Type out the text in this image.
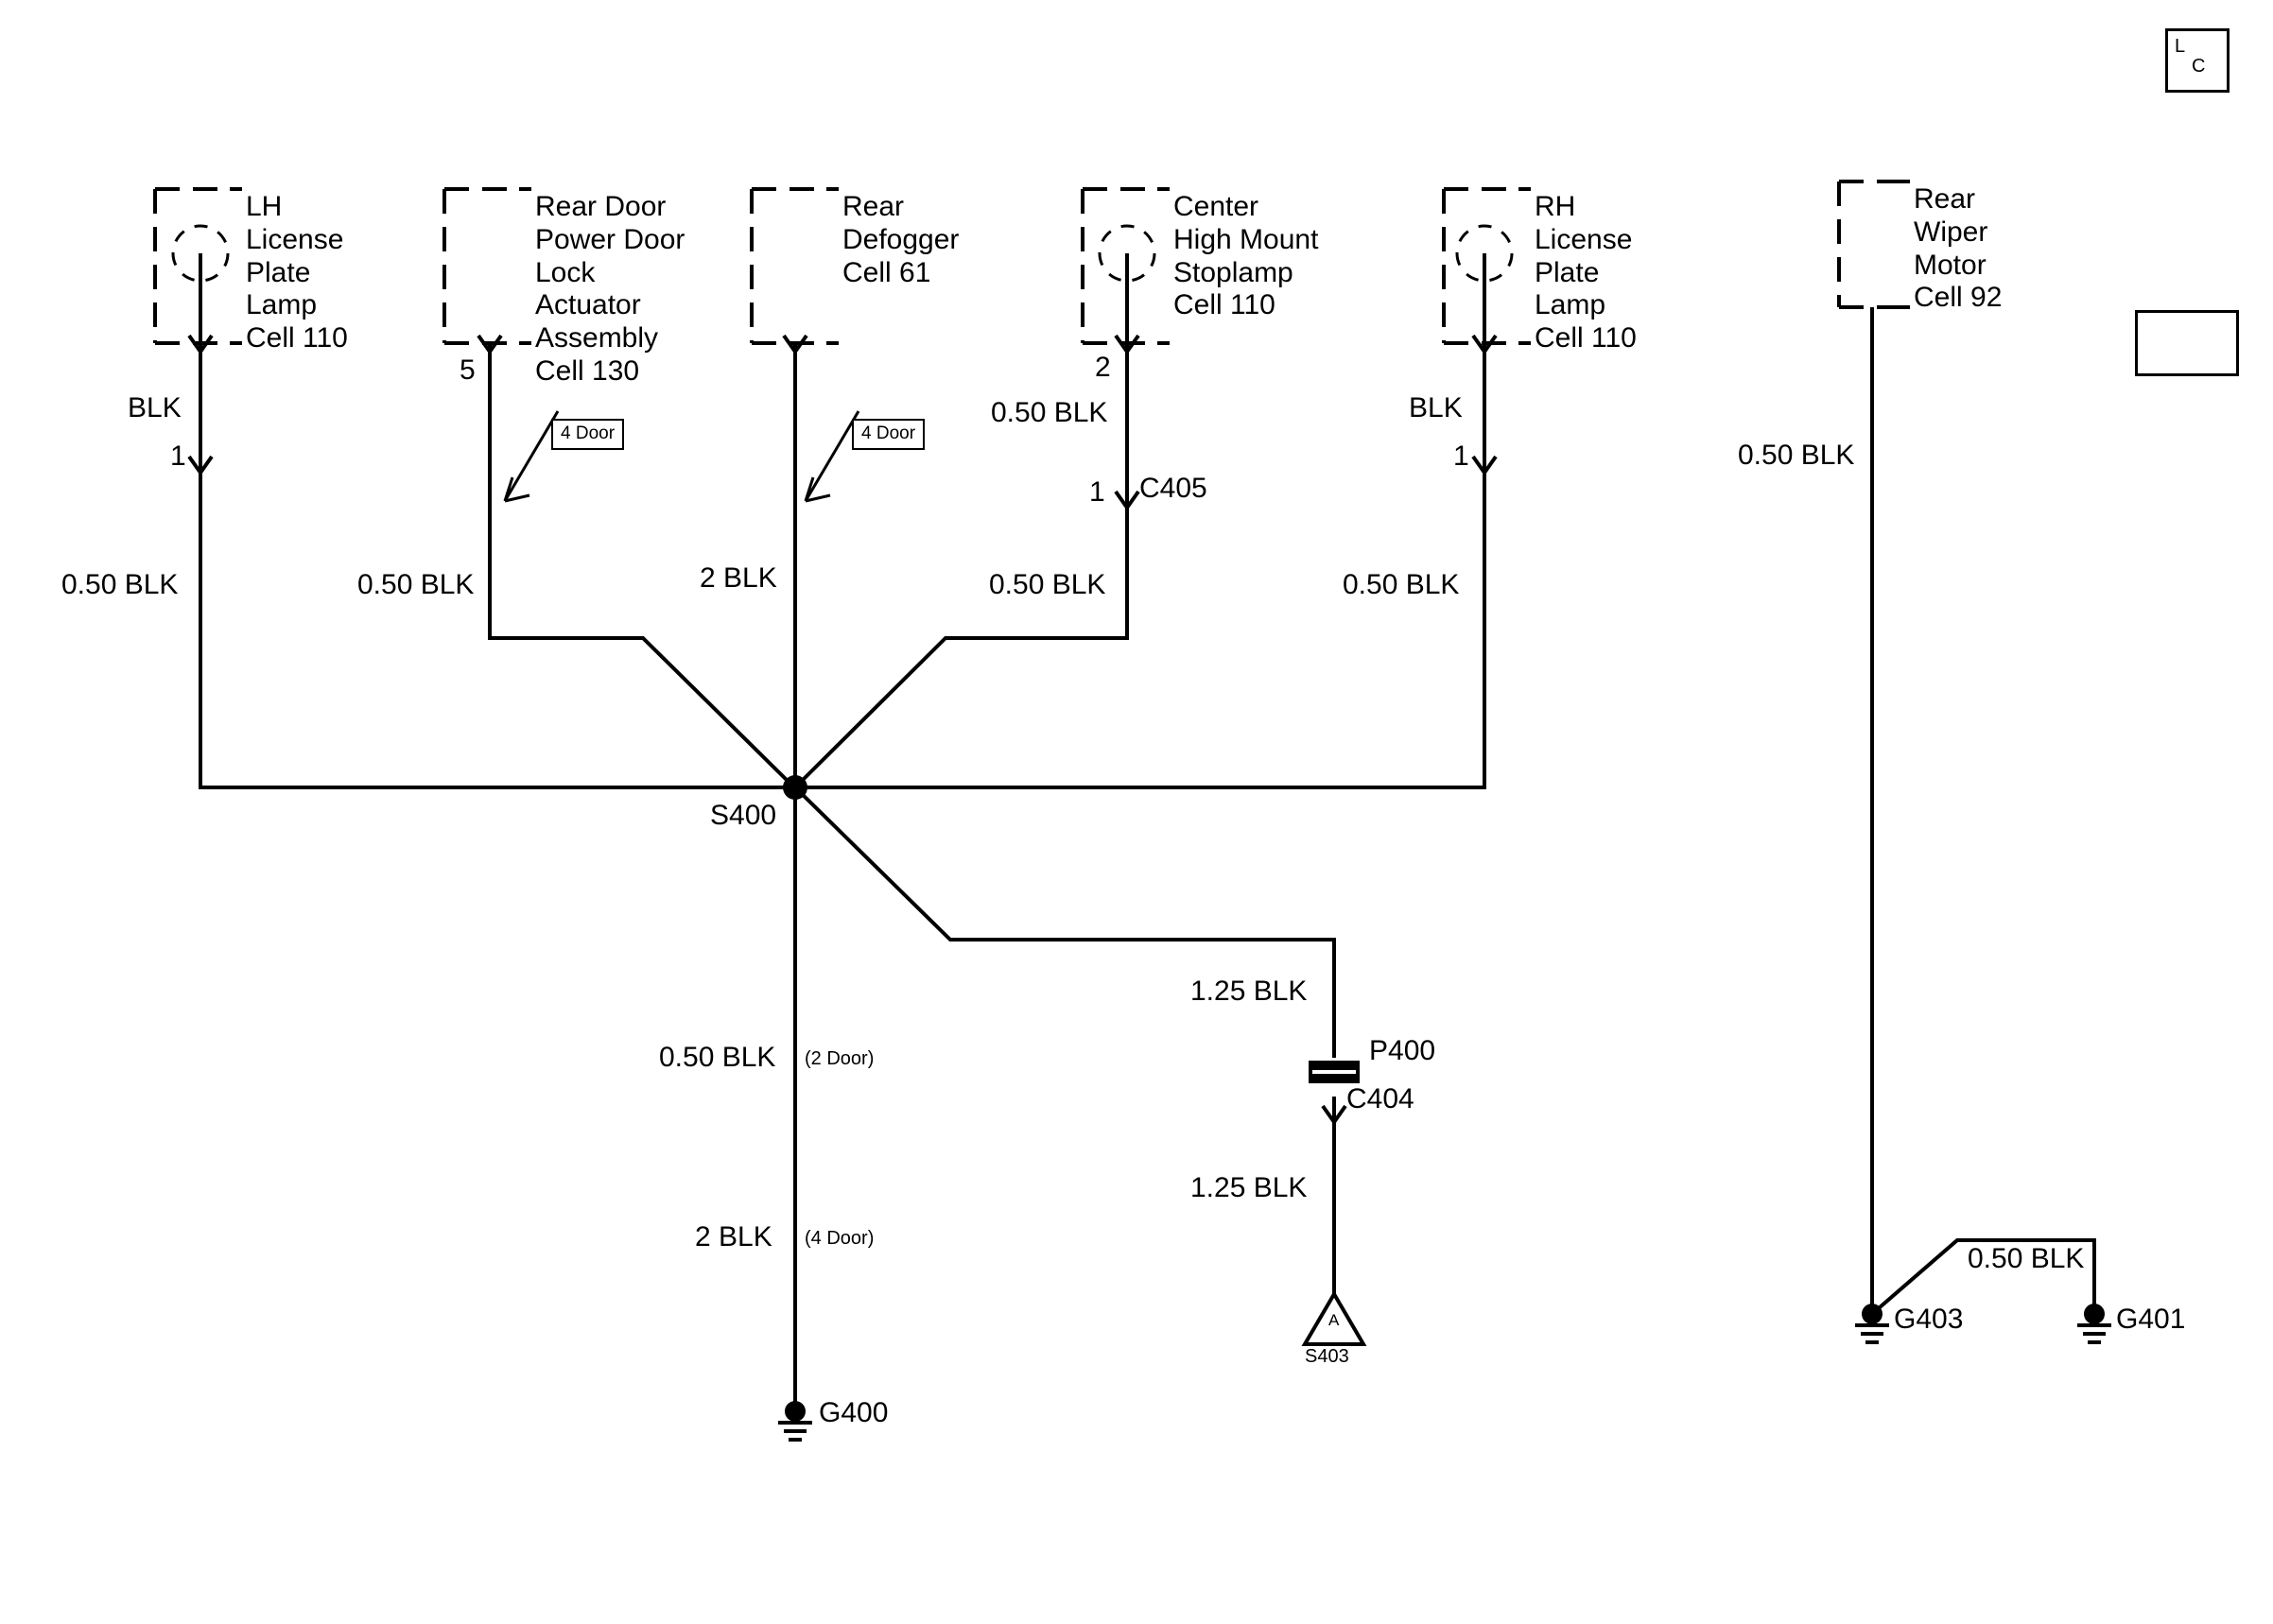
LH
License
Plate
Lamp
Cell 110
Rear Door
Power Door
Lock
Actuator
Assembly
Cell 130
Rear
Defogger
Cell 61
Center
High Mount
Stoplamp
Cell 110
RH
License
Plate
Lamp
Cell 110
Rear
Wiper
Motor
Cell 92
BLK
1
0.50 BLK
5
0.50 BLK	2 BLK
2
0.50 BLK
1 C405
0.50 BLK
BLK
1
0.50 BLK
0.50 BLK
S400
0.50 BLK (2 Door)
2 BLK (4 Door)
G400
1.25 BLK
P400
C404
1.25 BLK
A
S403
G403
0.50 BLK
G401
4 Door	4 Door
L
C
